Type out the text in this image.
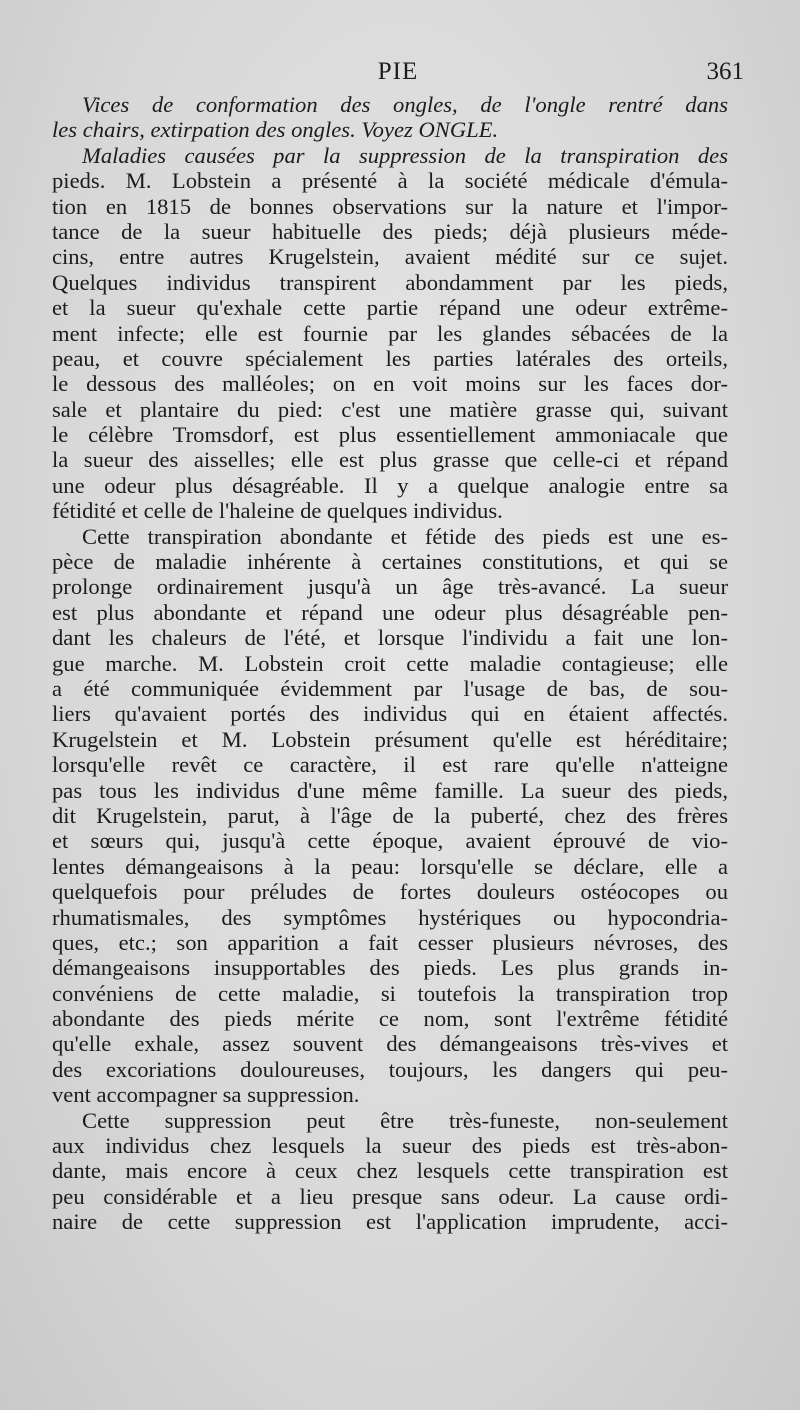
PIE	361
Vices de conformation des ongles, de l'ongle rentré dans
les chairs, extirpation des ongles. Voyez ONGLE.
Maladies causées par la suppression de la transpiration des
pieds. M. Lobstein a présenté à la société médicale d'émula-
tion en 1815 de bonnes observations sur la nature et l'impor-
tance de la sueur habituelle des pieds; déjà plusieurs méde-
cins, entre autres Krugelstein, avaient médité sur ce sujet.
Quelques individus transpirent abondamment par les pieds,
et la sueur qu'exhale cette partie répand une odeur extrême-
ment infecte; elle est fournie par les glandes sébacées de la
peau, et couvre spécialement les parties latérales des orteils,
le dessous des malléoles; on en voit moins sur les faces dor-
sale et plantaire du pied: c'est une matière grasse qui, suivant
le célèbre Tromsdorf, est plus essentiellement ammoniacale que
la sueur des aisselles; elle est plus grasse que celle-ci et répand
une odeur plus désagréable. Il y a quelque analogie entre sa
fétidité et celle de l'haleine de quelques individus.
Cette transpiration abondante et fétide des pieds est une es-
pèce de maladie inhérente à certaines constitutions, et qui se
prolonge ordinairement jusqu'à un âge très-avancé. La sueur
est plus abondante et répand une odeur plus désagréable pen-
dant les chaleurs de l'été, et lorsque l'individu a fait une lon-
gue marche. M. Lobstein croit cette maladie contagieuse; elle
a été communiquée évidemment par l'usage de bas, de sou-
liers qu'avaient portés des individus qui en étaient affectés.
Krugelstein et M. Lobstein présument qu'elle est héréditaire;
lorsqu'elle revêt ce caractère, il est rare qu'elle n'atteigne
pas tous les individus d'une même famille. La sueur des pieds,
dit Krugelstein, parut, à l'âge de la puberté, chez des frères
et sœurs qui, jusqu'à cette époque, avaient éprouvé de vio-
lentes démangeaisons à la peau: lorsqu'elle se déclare, elle a
quelquefois pour préludes de fortes douleurs ostéocopes ou
rhumatismales, des symptômes hystériques ou hypocondria-
ques, etc.; son apparition a fait cesser plusieurs névroses, des
démangeaisons insupportables des pieds. Les plus grands in-
convéniens de cette maladie, si toutefois la transpiration trop
abondante des pieds mérite ce nom, sont l'extrême fétidité
qu'elle exhale, assez souvent des démangeaisons très-vives et
des excoriations douloureuses, toujours, les dangers qui peu-
vent accompagner sa suppression.
Cette suppression peut être très-funeste, non-seulement
aux individus chez lesquels la sueur des pieds est très-abon-
dante, mais encore à ceux chez lesquels cette transpiration est
peu considérable et a lieu presque sans odeur. La cause ordi-
naire de cette suppression est l'application imprudente, acci-
